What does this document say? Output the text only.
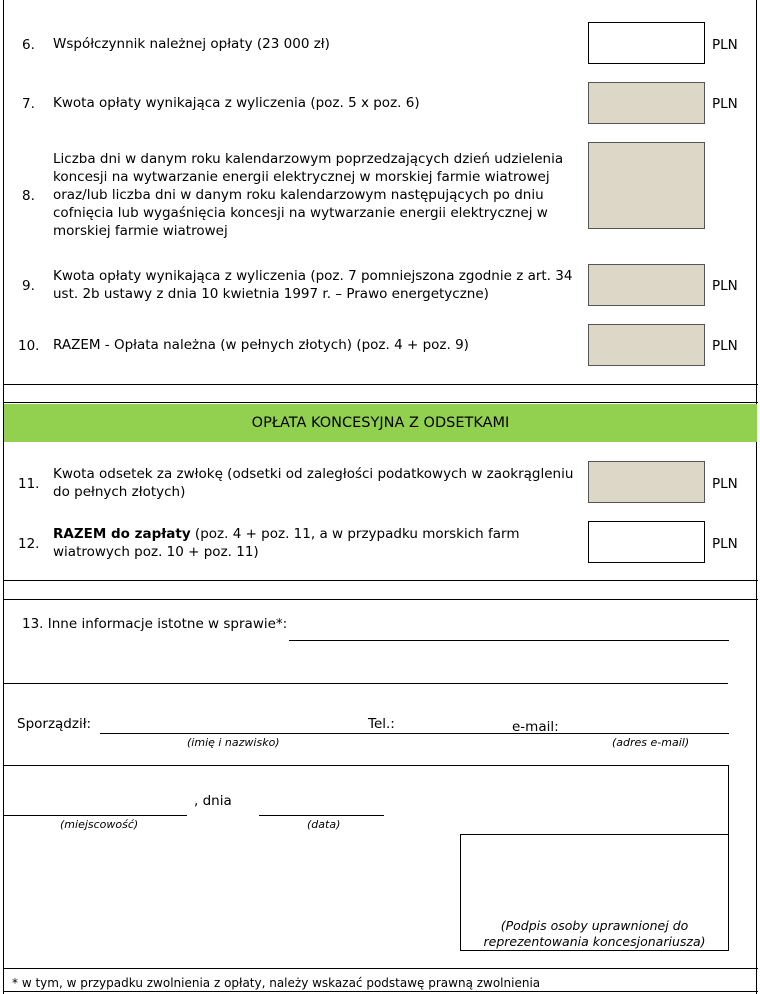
6. Współczynnik należnej opłaty (23 000 zł)	PLN
7. Kwota opłaty wynikająca z wyliczenia (poz. 5 x poz. 6)	PLN
8.
Liczba dni w danym roku kalendarzowym poprzedzających dzień udzielenia
koncesji na wytwarzanie energii elektrycznej w morskiej farmie wiatrowej
oraz/lub liczba dni w danym roku kalendarzowym następujących po dniu
cofnięcia lub wygaśnięcia koncesji na wytwarzanie energii elektrycznej w
morskiej farmie wiatrowej
9.
Kwota opłaty wynikająca z wyliczenia (poz. 7 pomniejszona zgodnie z art. 34
ust. 2b ustawy z dnia 10 kwietnia 1997 r. – Prawo energetyczne)	PLN
10. RAZEM - Opłata należna (w pełnych złotych) (poz. 4 + poz. 9)	PLN
OPŁATA KONCESYJNA Z ODSETKAMI
11.
Kwota odsetek za zwłokę (odsetki od zaległości podatkowych w zaokrągleniu
do pełnych złotych)	PLN
12.
RAZEM do zapłaty (poz. 4 + poz. 11, a w przypadku morskich farm
wiatrowych poz. 10 + poz. 11)	PLN
13. Inne informacje istotne w sprawie*:
Sporządził:	Tel.:	e-mail:
(imię i nazwisko)	(adres e-mail)
, dnia
(miejscowość)	(data)
(Podpis osoby uprawnionej do
reprezentowania koncesjonariusza)
* w tym, w przypadku zwolnienia z opłaty, należy wskazać podstawę prawną zwolnienia
